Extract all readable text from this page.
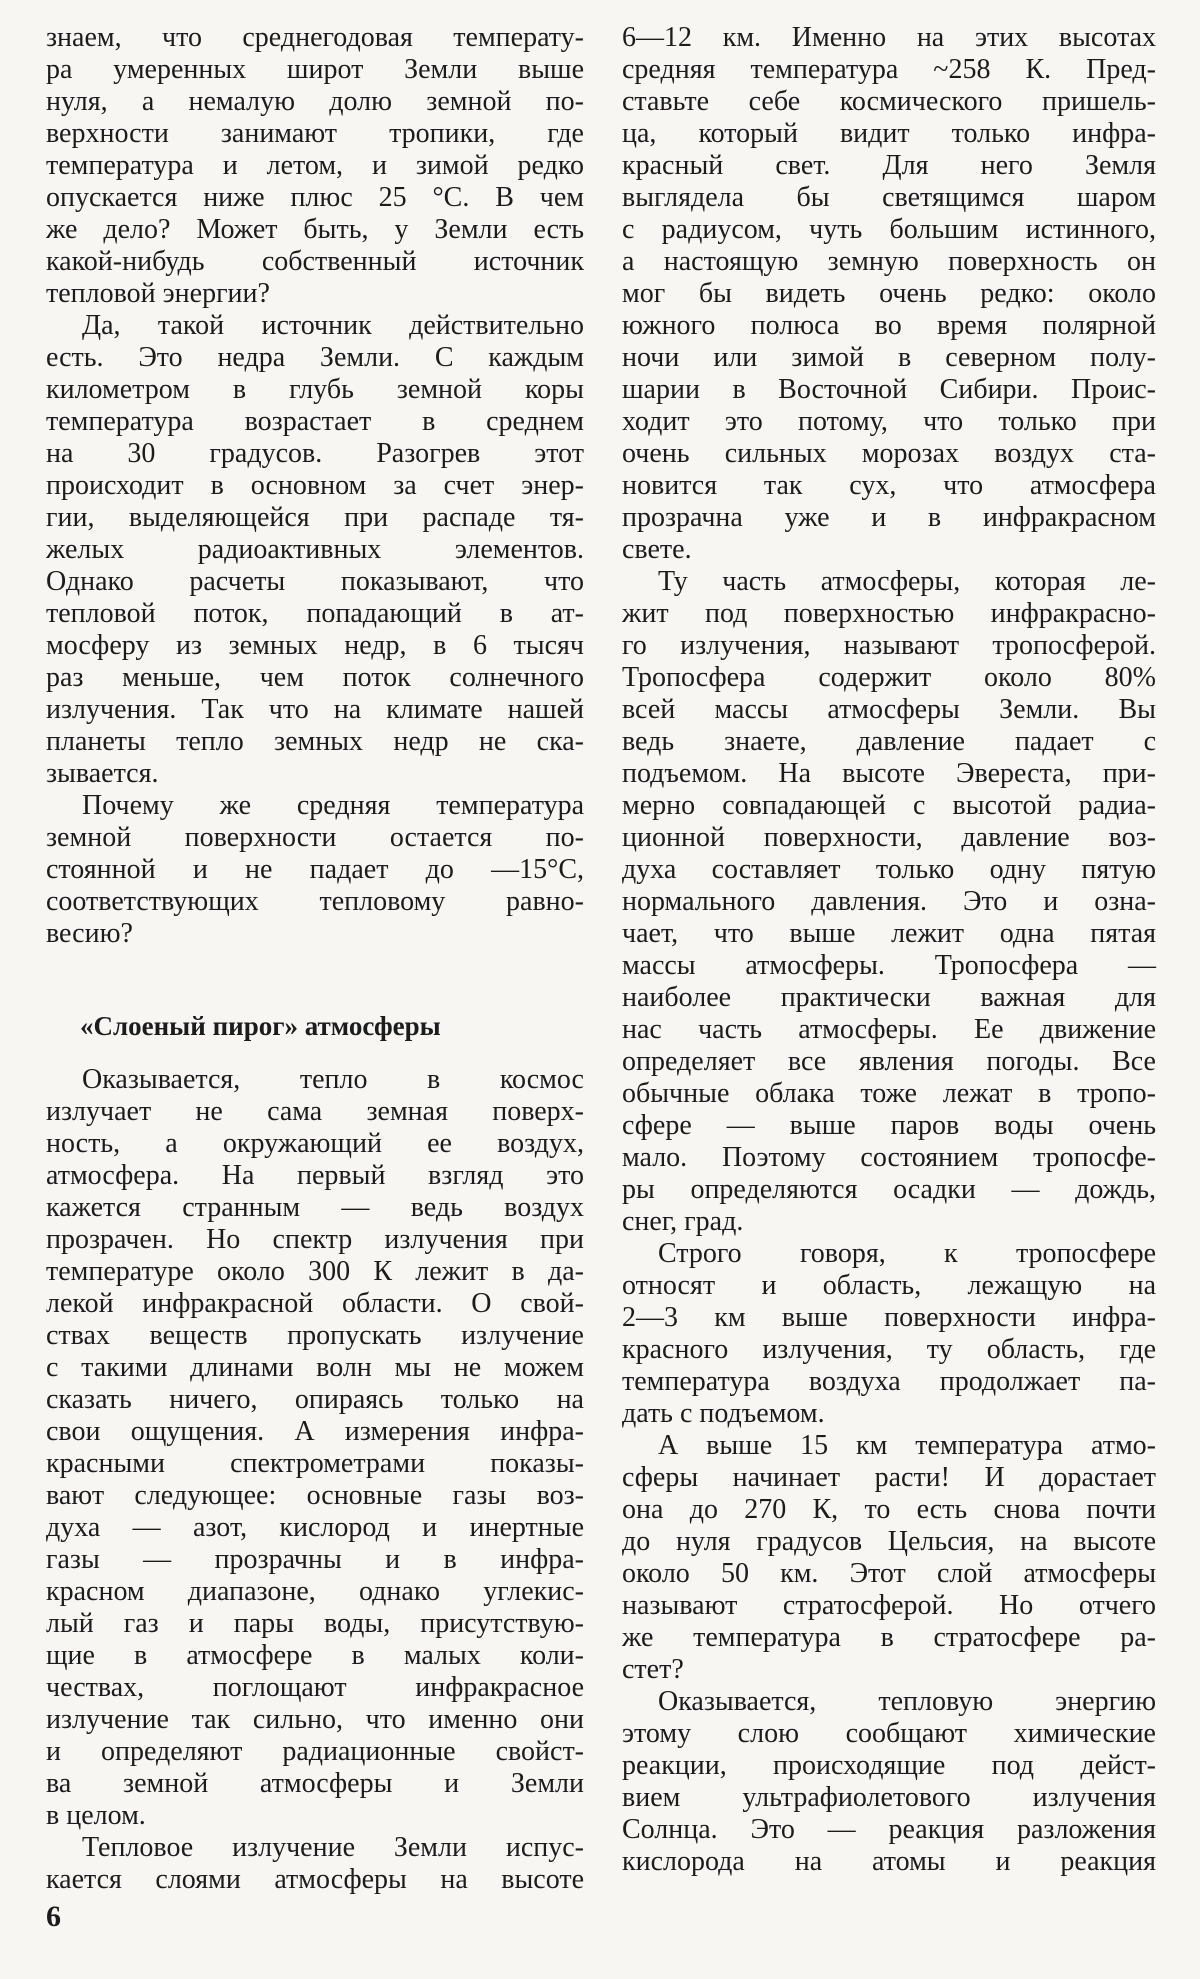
знаем, что среднегодовая температу-
ра умеренных широт Земли выше
нуля, а немалую долю земной по-
верхности занимают тропики, где
температура и летом, и зимой редко
опускается ниже плюс 25 °С. В чем
же дело? Может быть, у Земли есть
какой-нибудь собственный источник
тепловой энергии?
Да, такой источник действительно
есть. Это недра Земли. С каждым
километром в глубь земной коры
температура возрастает в среднем
на 30 градусов. Разогрев этот
происходит в основном за счет энер-
гии, выделяющейся при распаде тя-
желых радиоактивных элементов.
Однако расчеты показывают, что
тепловой поток, попадающий в ат-
мосферу из земных недр, в 6 тысяч
раз меньше, чем поток солнечного
излучения. Так что на климате нашей
планеты тепло земных недр не ска-
зывается.
Почему же средняя температура
земной поверхности остается по-
стоянной и не падает до —15°С,
соответствующих тепловому равно-
весию?
«Слоеный пирог» атмосферы
Оказывается, тепло в космос
излучает не сама земная поверх-
ность, а окружающий ее воздух,
атмосфера. На первый взгляд это
кажется странным — ведь воздух
прозрачен. Но спектр излучения при
температуре около 300 К лежит в да-
лекой инфракрасной области. О свой-
ствах веществ пропускать излучение
с такими длинами волн мы не можем
сказать ничего, опираясь только на
свои ощущения. А измерения инфра-
красными спектрометрами показы-
вают следующее: основные газы воз-
духа — азот, кислород и инертные
газы — прозрачны и в инфра-
красном диапазоне, однако углекис-
лый газ и пары воды, присутствую-
щие в атмосфере в малых коли-
чествах, поглощают инфракрасное
излучение так сильно, что именно они
и определяют радиационные свойст-
ва земной атмосферы и Земли
в целом.
Тепловое излучение Земли испус-
кается слоями атмосферы на высоте
6—12 км. Именно на этих высотах
средняя температура ~258 К. Пред-
ставьте себе космического пришель-
ца, который видит только инфра-
красный свет. Для него Земля
выглядела бы светящимся шаром
с радиусом, чуть большим истинного,
а настоящую земную поверхность он
мог бы видеть очень редко: около
южного полюса во время полярной
ночи или зимой в северном полу-
шарии в Восточной Сибири. Проис-
ходит это потому, что только при
очень сильных морозах воздух ста-
новится так сух, что атмосфера
прозрачна уже и в инфракрасном
свете.
Ту часть атмосферы, которая ле-
жит под поверхностью инфракрасно-
го излучения, называют тропосферой.
Тропосфера содержит около 80%
всей массы атмосферы Земли. Вы
ведь знаете, давление падает с
подъемом. На высоте Эвереста, при-
мерно совпадающей с высотой радиа-
ционной поверхности, давление воз-
духа составляет только одну пятую
нормального давления. Это и озна-
чает, что выше лежит одна пятая
массы атмосферы. Тропосфера —
наиболее практически важная для
нас часть атмосферы. Ее движение
определяет все явления погоды. Все
обычные облака тоже лежат в тропо-
сфере — выше паров воды очень
мало. Поэтому состоянием тропосфе-
ры определяются осадки — дождь,
снег, град.
Строго говоря, к тропосфере
относят и область, лежащую на
2—3 км выше поверхности инфра-
красного излучения, ту область, где
температура воздуха продолжает па-
дать с подъемом.
А выше 15 км температура атмо-
сферы начинает расти! И дорастает
она до 270 К, то есть снова почти
до нуля градусов Цельсия, на высоте
около 50 км. Этот слой атмосферы
называют стратосферой. Но отчего
же температура в стратосфере ра-
стет?
Оказывается, тепловую энергию
этому слою сообщают химические
реакции, происходящие под дейст-
вием ультрафиолетового излучения
Солнца. Это — реакция разложения
кислорода на атомы и реакция
6
